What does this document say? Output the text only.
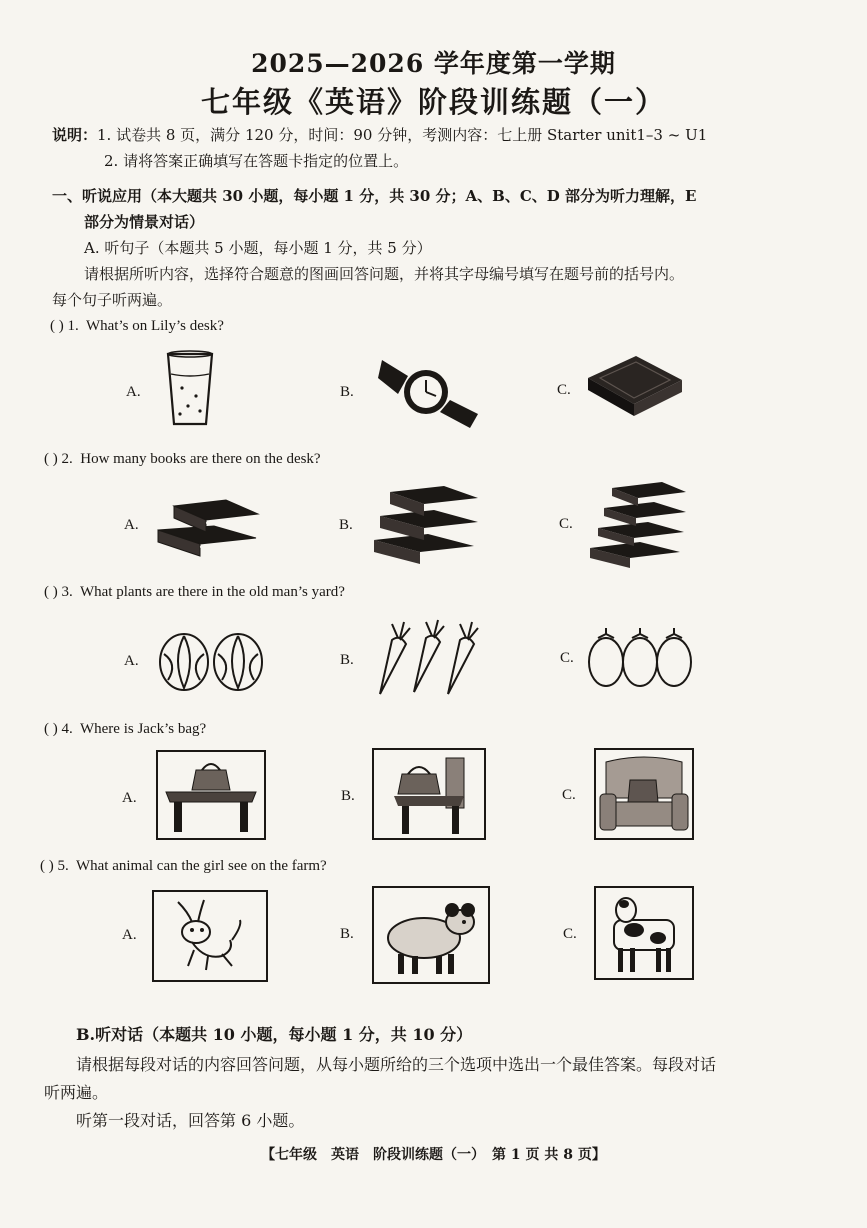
2025—2026 学年度第一学期
七年级《英语》阶段训练题（一）
说明：1. 试卷共 8 页，满分 120 分，时间：90 分钟，考测内容：七上册 Starter unit1–3 ~ U1
2. 请将答案正确填写在答题卡指定的位置上。
一、听说应用（本大题共 30 小题，每小题 1 分，共 30 分；A、B、C、D 部分为听力理解，E
部分为情景对话）
A. 听句子（本题共 5 小题，每小题 1 分，共 5 分）
请根据所听内容，选择符合题意的图画回答问题，并将其字母编号填写在题号前的括号内。
每个句子听两遍。
( ) 1. What’s on Lily’s desk?
A.	B.	C.
( ) 2. How many books are there on the desk?
A.	B.	C.
( ) 3. What plants are there in the old man’s yard?
A.	B.	C.
( ) 4. Where is Jack’s bag?
A.	B.	C.
( ) 5. What animal can the girl see on the farm?
A.	B.	C.
B.听对话（本题共 10 小题，每小题 1 分，共 10 分）
请根据每段对话的内容回答问题，从每小题所给的三个选项中选出一个最佳答案。每段对话
听两遍。
听第一段对话，回答第 6 小题。
【七年级　英语　阶段训练题（一）　第 1 页 共 8 页】
